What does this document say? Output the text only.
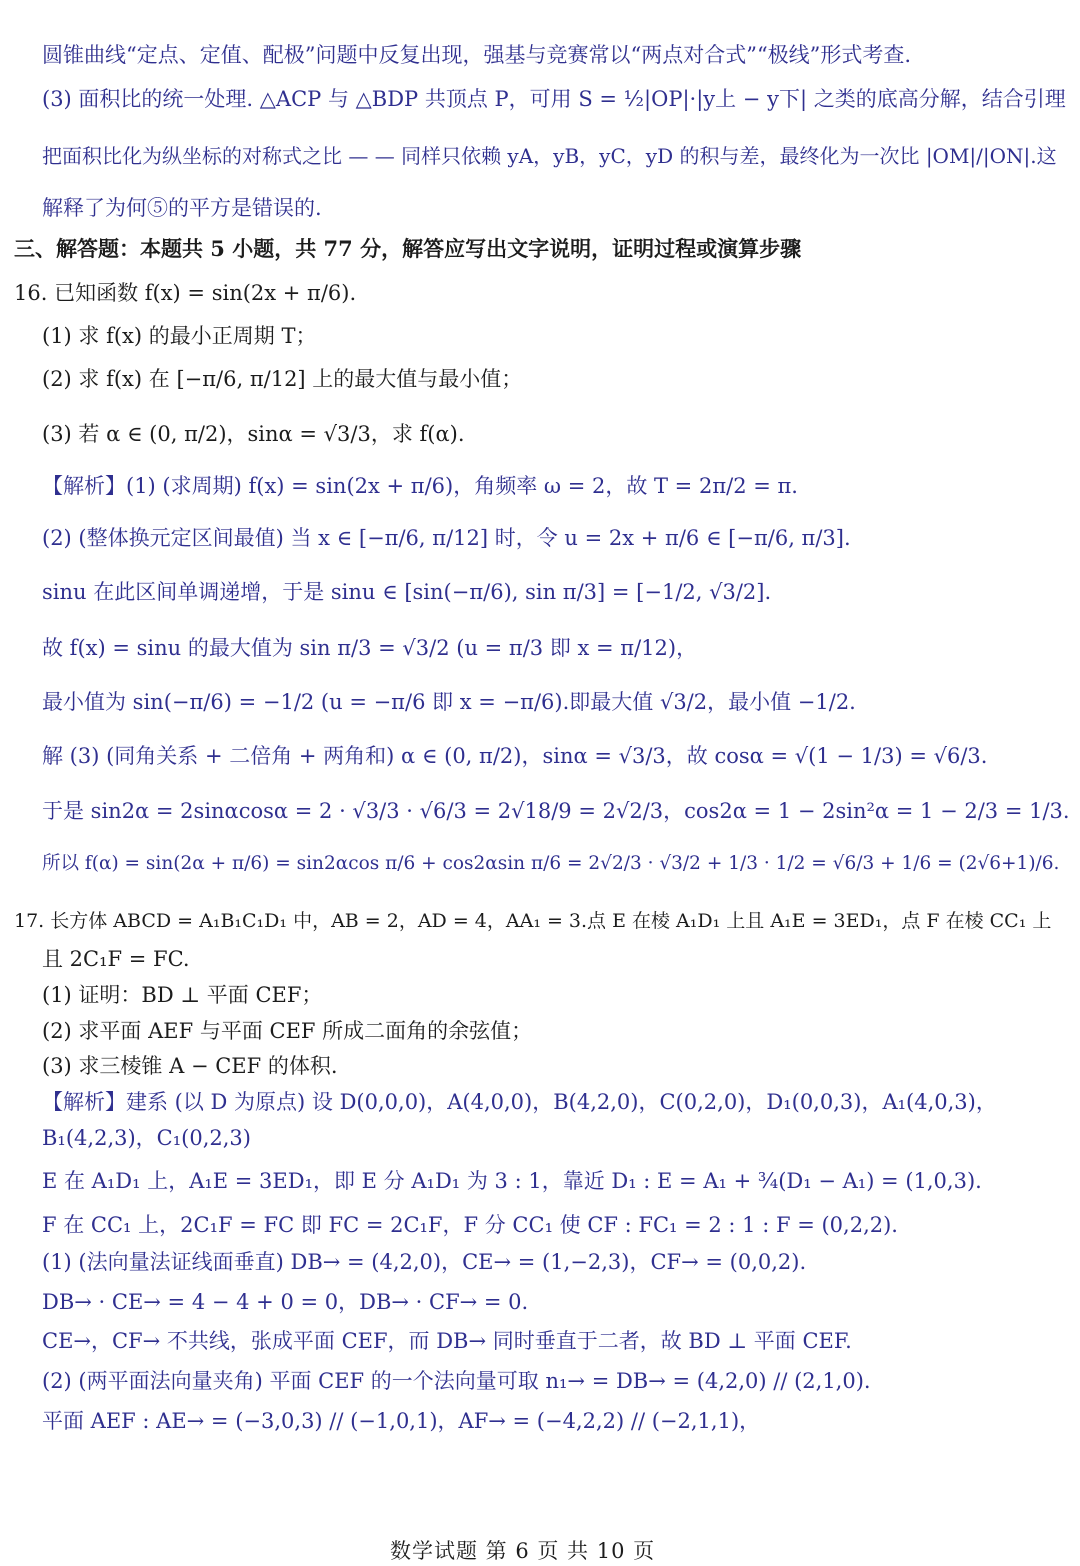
圆锥曲线“定点、定值、配极”问题中反复出现，强基与竞赛常以“两点对合式”“极线”形式考查.
(3) 面积比的统一处理. △ACP 与 △BDP 共顶点 P，可用 S = ½|OP|·|y上 − y下| 之类的底高分解，结合引理
把面积比化为纵坐标的对称式之比 — — 同样只依赖 yA，yB，yC，yD 的积与差，最终化为一次比 |OM|/|ON|.这
解释了为何⑤的平方是错误的.
三、解答题：本题共 5 小题，共 77 分，解答应写出文字说明，证明过程或演算步骤
16. 已知函数 f(x) = sin(2x + π/6).
(1) 求 f(x) 的最小正周期 T；
(2) 求 f(x) 在 [−π/6, π/12] 上的最大值与最小值；
(3) 若 α ∈ (0, π/2)，sinα = √3/3，求 f(α).
【解析】(1) (求周期) f(x) = sin(2x + π/6)，角频率 ω = 2，故 T = 2π/2 = π.
(2) (整体换元定区间最值) 当 x ∈ [−π/6, π/12] 时，令 u = 2x + π/6 ∈ [−π/6, π/3].
sinu 在此区间单调递增，于是 sinu ∈ [sin(−π/6), sin π/3] = [−1/2, √3/2].
故 f(x) = sinu 的最大值为 sin π/3 = √3/2 (u = π/3 即 x = π/12)，
最小值为 sin(−π/6) = −1/2 (u = −π/6 即 x = −π/6).即最大值 √3/2，最小值 −1/2.
解 (3) (同角关系 + 二倍角 + 两角和) α ∈ (0, π/2)，sinα = √3/3，故 cosα = √(1 − 1/3) = √6/3.
于是 sin2α = 2sinαcosα = 2 · √3/3 · √6/3 = 2√18/9 = 2√2/3，cos2α = 1 − 2sin²α = 1 − 2/3 = 1/3.
所以 f(α) = sin(2α + π/6) = sin2αcos π/6 + cos2αsin π/6 = 2√2/3 · √3/2 + 1/3 · 1/2 = √6/3 + 1/6 = (2√6+1)/6.
17. 长方体 ABCD = A₁B₁C₁D₁ 中，AB = 2，AD = 4，AA₁ = 3.点 E 在棱 A₁D₁ 上且 A₁E = 3ED₁，点 F 在棱 CC₁ 上
且 2C₁F = FC.
(1) 证明：BD ⊥ 平面 CEF；
(2) 求平面 AEF 与平面 CEF 所成二面角的余弦值；
(3) 求三棱锥 A − CEF 的体积.
【解析】建系 (以 D 为原点) 设 D(0,0,0)，A(4,0,0)，B(4,2,0)，C(0,2,0)，D₁(0,0,3)，A₁(4,0,3)，
B₁(4,2,3)，C₁(0,2,3)
E 在 A₁D₁ 上，A₁E = 3ED₁，即 E 分 A₁D₁ 为 3 : 1，靠近 D₁ : E = A₁ + ¾(D₁ − A₁) = (1,0,3).
F 在 CC₁ 上，2C₁F = FC 即 FC = 2C₁F，F 分 CC₁ 使 CF : FC₁ = 2 : 1 : F = (0,2,2).
(1) (法向量法证线面垂直) DB→ = (4,2,0)，CE→ = (1,−2,3)，CF→ = (0,0,2).
DB→ · CE→ = 4 − 4 + 0 = 0，DB→ · CF→ = 0.
CE→，CF→ 不共线，张成平面 CEF，而 DB→ 同时垂直于二者，故 BD ⊥ 平面 CEF.
(2) (两平面法向量夹角) 平面 CEF 的一个法向量可取 n₁→ = DB→ = (4,2,0) // (2,1,0).
平面 AEF : AE→ = (−3,0,3) // (−1,0,1)，AF→ = (−4,2,2) // (−2,1,1)，
数学试题 第 6 页 共 10 页
